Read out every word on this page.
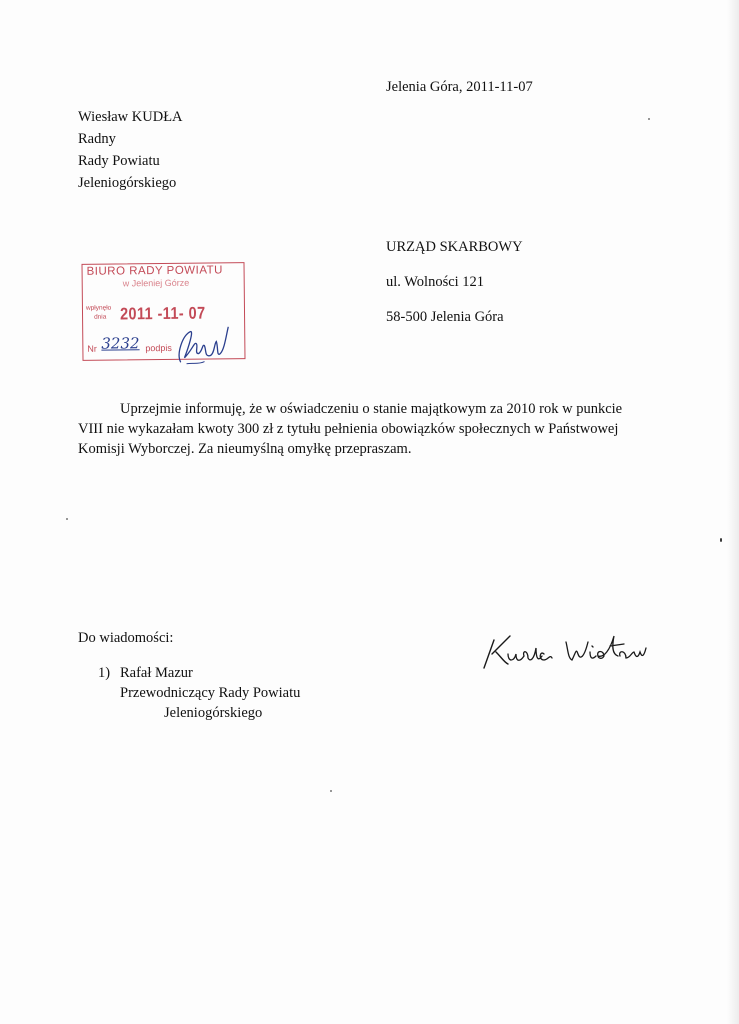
Jelenia Góra, 2011-11-07
Wiesław KUDŁA
Radny
Rady Powiatu
Jeleniogórskiego
URZĄD SKARBOWY
ul. Wolności 121
58-500 Jelenia Góra
BIURO RADY POWIATU
w Jeleniej Górze
wpłynęło
dnia 2011 -11- 07
Nr 3232 podpis
Uprzejmie informuję, że w oświadczeniu o stanie majątkowym za 2010 rok w punkcie
VIII nie wykazałam kwoty 300 zł z tytułu pełnienia obowiązków społecznych w Państwowej
Komisji Wyborczej. Za nieumyślną omyłkę przepraszam.
Do wiadomości:
1) Rafał Mazur
Przewodniczący Rady Powiatu
Jeleniogórskiego
